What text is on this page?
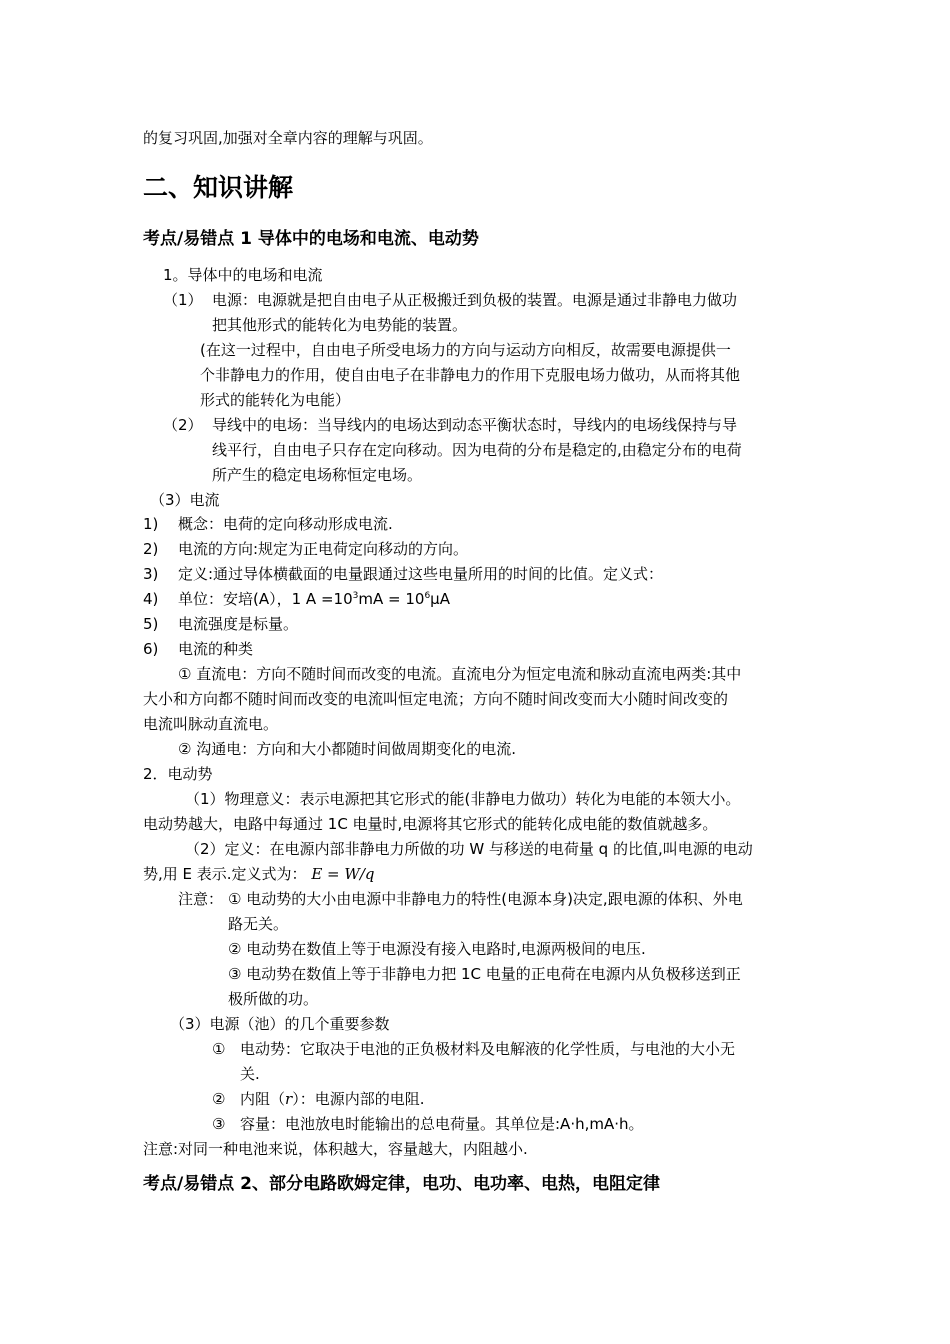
的复习巩固,加强对全章内容的理解与巩固。
二、知识讲解
考点/易错点 1 导体中的电场和电流、电动势
1。导体中的电场和电流
（1） 电源：电源就是把自由电子从正极搬迁到负极的装置。电源是通过非静电力做功
把其他形式的能转化为电势能的装置。
(在这一过程中，自由电子所受电场力的方向与运动方向相反，故需要电源提供一
个非静电力的作用，使自由电子在非静电力的作用下克服电场力做功，从而将其他
形式的能转化为电能）
（2） 导线中的电场：当导线内的电场达到动态平衡状态时，导线内的电场线保持与导
线平行，自由电子只存在定向移动。因为电荷的分布是稳定的,由稳定分布的电荷
所产生的稳定电场称恒定电场。
（3）电流
1) 概念：电荷的定向移动形成电流.
2) 电流的方向:规定为正电荷定向移动的方向。
3) 定义:通过导体横截面的电量跟通过这些电量所用的时间的比值。定义式：
4) 单位：安培(A），1 $A =10^3mA = 10^6\mu A$
5) 电流强度是标量。
6) 电流的种类
① 直流电：方向不随时间而改变的电流。直流电分为恒定电流和脉动直流电两类:其中
大小和方向都不随时间而改变的电流叫恒定电流；方向不随时间改变而大小随时间改变的
电流叫脉动直流电。
② 沟通电：方向和大小都随时间做周期变化的电流.
2．电动势
（1）物理意义：表示电源把其它形式的能(非静电力做功）转化为电能的本领大小。
电动势越大，电路中每通过 1C 电量时,电源将其它形式的能转化成电能的数值就越多。
（2）定义：在电源内部非静电力所做的功 W 与移送的电荷量 q 的比值,叫电源的电动
势,用 E 表示.定义式为： E = W/q
注意： ① 电动势的大小由电源中非静电力的特性(电源本身)决定,跟电源的体积、外电
路无关。
② 电动势在数值上等于电源没有接入电路时,电源两极间的电压.
③ 电动势在数值上等于非静电力把 1C 电量的正电荷在电源内从负极移送到正
极所做的功。
（3）电源（池）的几个重要参数
① 电动势：它取决于电池的正负极材料及电解液的化学性质，与电池的大小无
关.
② 内阻（r）：电源内部的电阻.
③ 容量：电池放电时能输出的总电荷量。其单位是:A·h,mA·h。
注意:对同一种电池来说，体积越大，容量越大，内阻越小.
考点/易错点 2、部分电路欧姆定律，电功、电功率、电热，电阻定律
